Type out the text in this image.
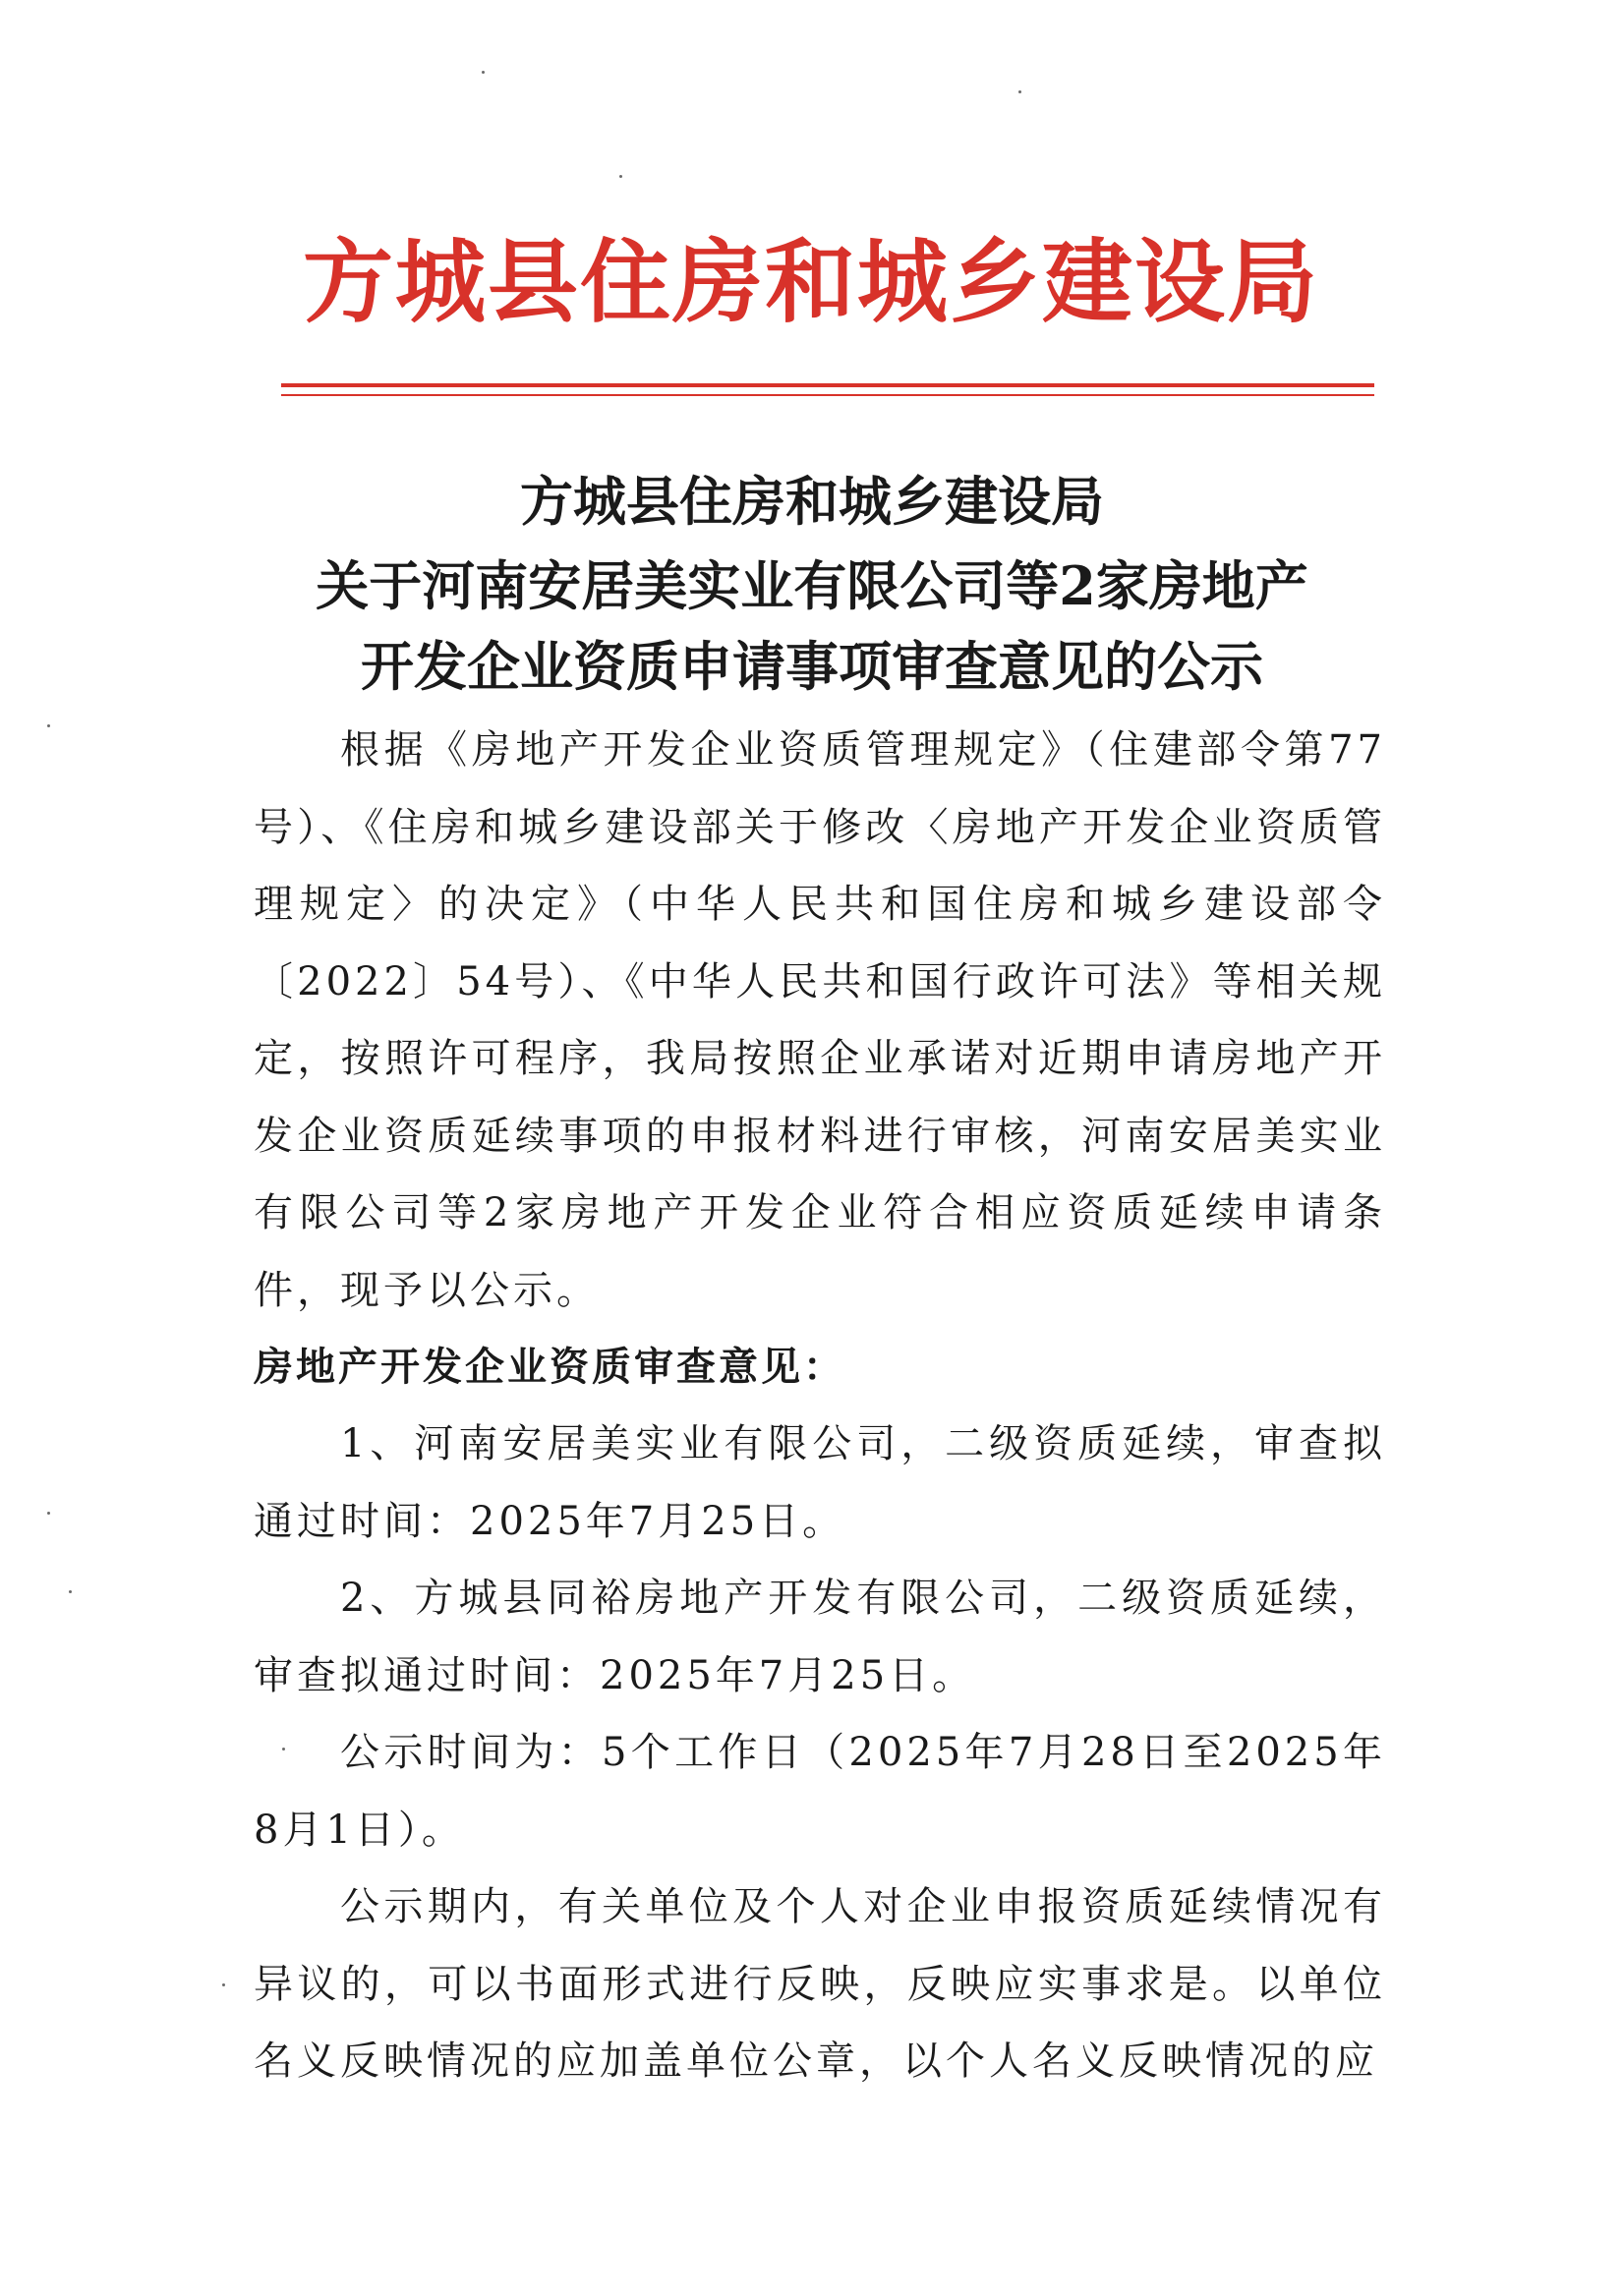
方城县住房和城乡建设局
方城县住房和城乡建设局
关于河南安居美实业有限公司等2家房地产
开发企业资质申请事项审查意见的公示
根据《房地产开发企业资质管理规定》（住建部令第77号）、《住房和城乡建设部关于修改〈房地产开发企业资质管理规定〉的决定》（中华人民共和国住房和城乡建设部令〔2022〕54号）、《中华人民共和国行政许可法》等相关规定，按照许可程序，我局按照企业承诺对近期申请房地产开发企业资质延续事项的申报材料进行审核，河南安居美实业有限公司等2家房地产开发企业符合相应资质延续申请条件，现予以公示。
房地产开发企业资质审查意见：
1、河南安居美实业有限公司，二级资质延续，审查拟通过时间：2025年7月25日。
2、方城县同裕房地产开发有限公司，二级资质延续，审查拟通过时间：2025年7月25日。
公示时间为：5个工作日（2025年7月28日至2025年8月1日）。
公示期内，有关单位及个人对企业申报资质延续情况有异议的，可以书面形式进行反映，反映应实事求是。以单位名义反映情况的应加盖单位公章，以个人名义反映情况的应
